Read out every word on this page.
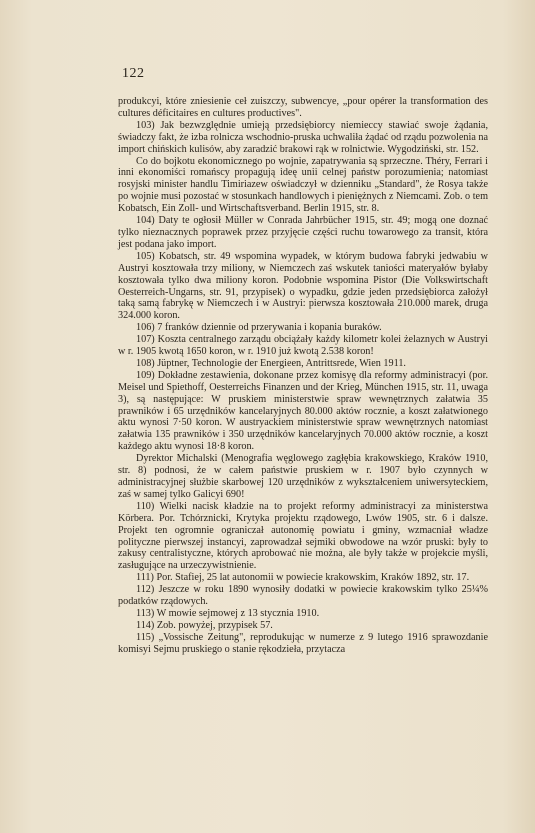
122

produkcyi, które zniesienie ceł zuiszczy, subwencye, „pour opérer la transformation des cultures déficitaires en cultures productives".

103) Jak bezwzględnie umieją przedsiębiorcy niemieccy stawiać swoje żądania, świadczy fakt, że izba rolnicza wschodnio-pruska uchwaliła żądać od rządu pozwolenia na import chińskich kulisów, aby zaradzić brakowi rąk w rolnictwie. Wygodziński, str. 152.

Co do bojkotu ekonomicznego po wojnie, zapatrywania są sprzeczne. Théry, Ferrari i inni ekonomiści romańscy propagują ideę unii celnej państw porozumienia; natomiast rosyjski minister handlu Timiriazew oświadczył w dzienniku „Standard", że Rosya także po wojnie musi pozostać w stosunkach handlowych i pieniężnych z Niemcami. Zob. o tem Kobatsch, Ein Zoll- und Wirtschaftsverband. Berlin 1915, str. 8.

104) Daty te ogłosił Müller w Conrada Jahrbücher 1915, str. 49; mogą one doznać tylko nieznacznych poprawek przez przyjęcie części ruchu towarowego za transit, która jest podana jako import.

105) Kobatsch, str. 49 wspomina wypadek, w którym budowa fabryki jedwabiu w Austryi kosztowała trzy miliony, w Niemczech zaś wskutek taniości materyałów byłaby kosztowała tylko dwa miliony koron. Podobnie wspomina Pistor (Die Volkswirtschaft Oesterreich-Ungarns, str. 91, przypisek) o wypadku, gdzie jeden przedsiębiorca założył taką samą fabrykę w Niemczech i w Austryi: pierwsza kosztowała 210.000 marek, druga 324.000 koron.

106) 7 franków dziennie od przerywania i kopania buraków.

107) Koszta centralnego zarządu obciążały każdy kilometr kolei żelaznych w Austryi w r. 1905 kwotą 1650 koron, w r. 1910 już kwotą 2.538 koron!

108) Jüptner, Technologie der Energieen, Antrittsrede, Wien 1911.

109) Dokładne zestawienia, dokonane przez komisyę dla reformy administracyi (por. Meisel und Spiethoff, Oesterreichs Finanzen und der Krieg, München 1915, str. 11, uwaga 3), są następujące: W pruskiem ministerstwie spraw wewnętrznych załatwia 35 prawników i 65 urzędników kancelaryjnych 80.000 aktów rocznie, a koszt załatwionego aktu wynosi 7·50 koron. W austryackiem ministerstwie spraw wewnętrznych natomiast załatwia 135 prawników i 350 urzędników kancelaryjnych 70.000 aktów rocznie, a koszt każdego aktu wynosi 18·8 koron.

Dyrektor Michalski (Menografia węglowego zagłębia krakowskiego, Kraków 1910, str. 8) podnosi, że w całem państwie pruskiem w r. 1907 było czynnych w administracyjnej służbie skarbowej 120 urzędników z wykształceniem uniwersyteckiem, zaś w samej tylko Galicyi 690!

110) Wielki nacisk kładzie na to projekt reformy administracyi za ministerstwa Körbera. Por. Tchórznicki, Krytyka projektu rządowego, Lwów 1905, str. 6 i dalsze. Projekt ten ogromnie ograniczał autonomię powiatu i gminy, wzmacniał władze polityczne pierwszej instancyi, zaprowadzał sejmiki obwodowe na wzór pruski: były to zakusy centralistyczne, których aprobować nie można, ale były także w projekcie myśli, zasługujące na urzeczywistnienie.

111) Por. Stafiej, 25 lat autonomii w powiecie krakowskim, Kraków 1892, str. 17.

112) Jeszcze w roku 1890 wynosiły dodatki w powiecie krakowskim tylko 25¼% podatków rządowych.

113) W mowie sejmowej z 13 stycznia 1910.

114) Zob. powyżej, przypisek 57.

115) „Vossische Zeitung", reprodukując w numerze z 9 lutego 1916 sprawozdanie komisyi Sejmu pruskiego o stanie rękodzieła, przytacza
